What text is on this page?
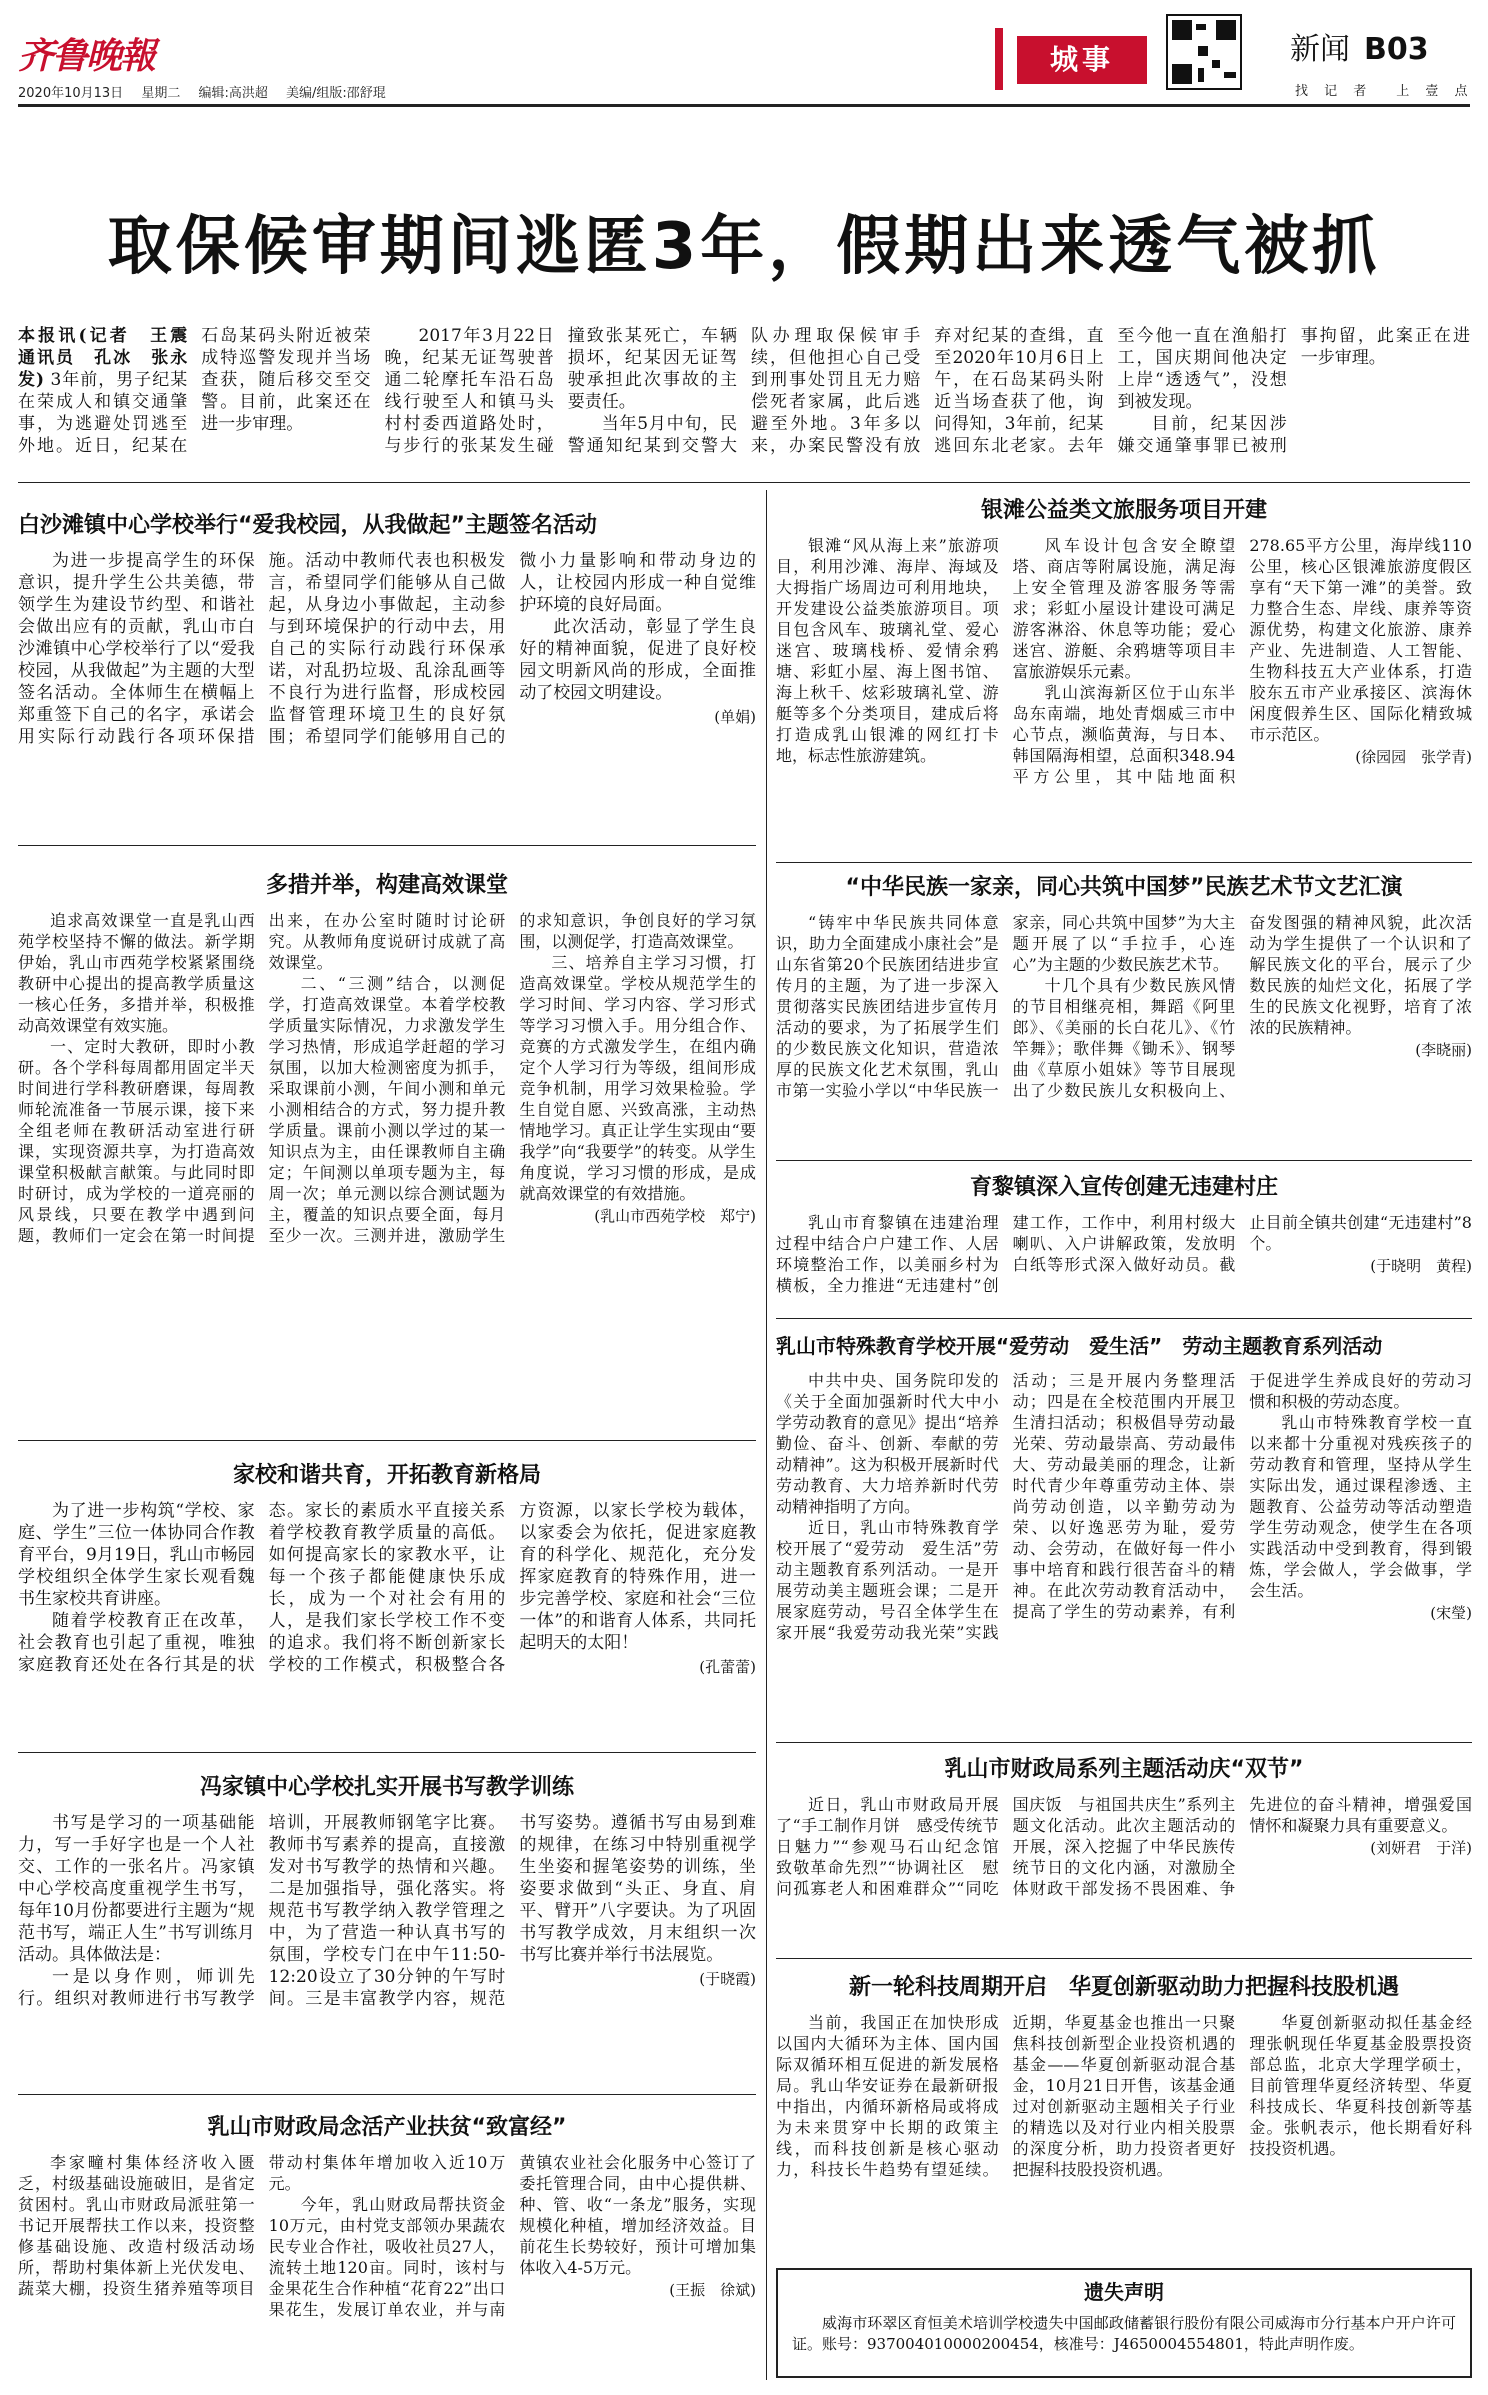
齐鲁晚報
2020年10月13日 星期二 编辑:高洪超 美编/组版:邵舒琨
城事	新闻 B03
找 记 者 上 壹 点
取保候审期间逃匿3年，假期出来透气被抓

本报讯(记者　王震　通讯员　孔冰　张永发) 3年前，男子纪某在荣成人和镇交通肇事，为逃避处罚逃至外地。近日，纪某在石岛某码头附近被荣成特巡警发现并当场查获，随后移交至交警。目前，此案还在进一步审理。

2017年3月22日晚，纪某无证驾驶普通二轮摩托车沿石岛线行驶至人和镇马头村村委西道路处时，与步行的张某发生碰撞致张某死亡，车辆损坏，纪某因无证驾驶承担此次事故的主要责任。

当年5月中旬，民警通知纪某到交警大队办理取保候审手续，但他担心自己受到刑事处罚且无力赔偿死者家属，此后逃避至外地。3年多以来，办案民警没有放弃对纪某的查缉，直至2020年10月6日上午，在石岛某码头附近当场查获了他，询问得知，3年前，纪某逃回东北老家。去年至今他一直在渔船打工，国庆期间他决定上岸“透透气”，没想到被发现。

目前，纪某因涉嫌交通肇事罪已被刑事拘留，此案正在进一步审理。

白沙滩镇中心学校举行“爱我校园，从我做起”主题签名活动

为进一步提高学生的环保意识，提升学生公共美德，带领学生为建设节约型、和谐社会做出应有的贡献，乳山市白沙滩镇中心学校举行了以“爱我校园，从我做起”为主题的大型签名活动。全体师生在横幅上郑重签下自己的名字，承诺会用实际行动践行各项环保措施。活动中教师代表也积极发言，希望同学们能够从自己做起，从身边小事做起，主动参与到环境保护的行动中去，用自己的实际行动践行环保承诺，对乱扔垃圾、乱涂乱画等不良行为进行监督，形成校园监督管理环境卫生的良好氛围；希望同学们能够用自己的微小力量影响和带动身边的人，让校园内形成一种自觉维护环境的良好局面。

此次活动，彰显了学生良好的精神面貌，促进了良好校园文明新风尚的形成，全面推动了校园文明建设。

(单娟)
多措并举，构建高效课堂

追求高效课堂一直是乳山西苑学校坚持不懈的做法。新学期伊始，乳山市西苑学校紧紧围绕教研中心提出的提高教学质量这一核心任务，多措并举，积极推动高效课堂有效实施。

一、定时大教研，即时小教研。各个学科每周都用固定半天时间进行学科教研磨课，每周教师轮流准备一节展示课，接下来全组老师在教研活动室进行研课，实现资源共享，为打造高效课堂积极献言献策。与此同时即时研讨，成为学校的一道亮丽的风景线，只要在教学中遇到问题，教师们一定会在第一时间提出来，在办公室时随时讨论研究。从教师角度说研讨成就了高效课堂。

二、“三测”结合，以测促学，打造高效课堂。本着学校教学质量实际情况，力求激发学生学习热情，形成追学赶超的学习氛围，以加大检测密度为抓手，采取课前小测，午间小测和单元小测相结合的方式，努力提升教学质量。课前小测以学过的某一知识点为主，由任课教师自主确定；午间测以单项专题为主，每周一次；单元测以综合测试题为主，覆盖的知识点要全面，每月至少一次。三测并进，激励学生的求知意识，争创良好的学习氛围，以测促学，打造高效课堂。

三、培养自主学习习惯，打造高效课堂。学校从规范学生的学习时间、学习内容、学习形式等学习习惯入手。用分组合作、竞赛的方式激发学生，在组内确定个人学习行为等级，组间形成竞争机制，用学习效果检验。学生自觉自愿、兴致高涨，主动热情地学习。真正让学生实现由“要我学”向“我要学”的转变。从学生角度说，学习习惯的形成，是成就高效课堂的有效措施。

(乳山市西苑学校　郑宁)
家校和谐共育，开拓教育新格局

为了进一步构筑“学校、家庭、学生”三位一体协同合作教育平台，9月19日，乳山市畅园学校组织全体学生家长观看魏书生家校共育讲座。

随着学校教育正在改革，社会教育也引起了重视，唯独家庭教育还处在各行其是的状态。家长的素质水平直接关系着学校教育教学质量的高低。如何提高家长的家教水平，让每一个孩子都能健康快乐成长，成为一个对社会有用的人，是我们家长学校工作不变的追求。我们将不断创新家长学校的工作模式，积极整合各方资源，以家长学校为载体，以家委会为依托，促进家庭教育的科学化、规范化，充分发挥家庭教育的特殊作用，进一步完善学校、家庭和社会“三位一体”的和谐育人体系，共同托起明天的太阳！

(孔蕾蕾)
冯家镇中心学校扎实开展书写教学训练

书写是学习的一项基础能力，写一手好字也是一个人社交、工作的一张名片。冯家镇中心学校高度重视学生书写，每年10月份都要进行主题为“规范书写，端正人生”书写训练月活动。具体做法是：

一是以身作则，师训先行。组织对教师进行书写教学培训，开展教师钢笔字比赛。教师书写素养的提高，直接激发对书写教学的热情和兴趣。二是加强指导，强化落实。将规范书写教学纳入教学管理之中，为了营造一种认真书写的氛围，学校专门在中午11:50-12:20设立了30分钟的午写时间。三是丰富教学内容，规范书写姿势。遵循书写由易到难的规律，在练习中特别重视学生坐姿和握笔姿势的训练，坐姿要求做到“头正、身直、肩平、臂开”八字要诀。为了巩固书写教学成效，月末组织一次书写比赛并举行书法展览。

(于晓霞)
乳山市财政局念活产业扶贫“致富经”

李家疃村集体经济收入匮乏，村级基础设施破旧，是省定贫困村。乳山市财政局派驻第一书记开展帮扶工作以来，投资整修基础设施、改造村级活动场所，帮助村集体新上光伏发电、蔬菜大棚，投资生猪养殖等项目带动村集体年增加收入近10万元。

今年，乳山财政局帮扶资金10万元，由村党支部领办果蔬农民专业合作社，吸收社员27人，流转土地120亩。同时，该村与金果花生合作种植“花育22”出口果花生，发展订单农业，并与南黄镇农业社会化服务中心签订了委托管理合同，由中心提供耕、种、管、收“一条龙”服务，实现规模化种植，增加经济效益。目前花生长势较好，预计可增加集体收入4-5万元。

(王振　徐斌)
银滩公益类文旅服务项目开建

银滩“风从海上来”旅游项目，利用沙滩、海岸、海域及大拇指广场周边可利用地块，开发建设公益类旅游项目。项目包含风车、玻璃礼堂、爱心迷宫、玻璃栈桥、爱情余鸦塘、彩虹小屋、海上图书馆、海上秋千、炫彩玻璃礼堂、游艇等多个分类项目，建成后将打造成乳山银滩的网红打卡地，标志性旅游建筑。

风车设计包含安全瞭望塔、商店等附属设施，满足海上安全管理及游客服务等需求；彩虹小屋设计建设可满足游客淋浴、休息等功能；爱心迷宫、游艇、余鸦塘等项目丰富旅游娱乐元素。

乳山滨海新区位于山东半岛东南端，地处青烟威三市中心节点，濒临黄海，与日本、韩国隔海相望，总面积348.94平方公里，其中陆地面积278.65平方公里，海岸线110公里，核心区银滩旅游度假区享有“天下第一滩”的美誉。致力整合生态、岸线、康养等资源优势，构建文化旅游、康养产业、先进制造、人工智能、生物科技五大产业体系，打造胶东五市产业承接区、滨海休闲度假养生区、国际化精致城市示范区。

(徐园园　张学青)
“中华民族一家亲，同心共筑中国梦”民族艺术节文艺汇演

“铸牢中华民族共同体意识，助力全面建成小康社会”是山东省第20个民族团结进步宣传月的主题，为了进一步深入贯彻落实民族团结进步宣传月活动的要求，为了拓展学生们的少数民族文化知识，营造浓厚的民族文化艺术氛围，乳山市第一实验小学以“中华民族一家亲，同心共筑中国梦”为大主题开展了以“手拉手，心连心”为主题的少数民族艺术节。

十几个具有少数民族风情的节目相继亮相，舞蹈《阿里郎》、《美丽的长白花儿》、《竹竿舞》；歌伴舞《锄禾》、钢琴曲《草原小姐妹》等节目展现出了少数民族儿女积极向上、奋发图强的精神风貌，此次活动为学生提供了一个认识和了解民族文化的平台，展示了少数民族的灿烂文化，拓展了学生的民族文化视野，培育了浓浓的民族精神。

(李晓丽)
育黎镇深入宣传创建无违建村庄

乳山市育黎镇在违建治理过程中结合户户建工作、人居环境整治工作，以美丽乡村为横板，全力推进“无违建村”创建工作，工作中，利用村级大喇叭、入户讲解政策，发放明白纸等形式深入做好动员。截止目前全镇共创建“无违建村”8个。

(于晓明　黄程)
乳山市特殊教育学校开展“爱劳动　爱生活”　劳动主题教育系列活动

中共中央、国务院印发的《关于全面加强新时代大中小学劳动教育的意见》提出“培养勤俭、奋斗、创新、奉献的劳动精神”。这为积极开展新时代劳动教育、大力培养新时代劳动精神指明了方向。

近日，乳山市特殊教育学校开展了“爱劳动　爱生活”劳动主题教育系列活动。一是开展劳动美主题班会课；二是开展家庭劳动，号召全体学生在家开展“我爱劳动我光荣”实践活动；三是开展内务整理活动；四是在全校范围内开展卫生清扫活动；积极倡导劳动最光荣、劳动最崇高、劳动最伟大、劳动最美丽的理念，让新时代青少年尊重劳动主体、崇尚劳动创造，以辛勤劳动为荣、以好逸恶劳为耻，爱劳动、会劳动，在做好每一件小事中培育和践行很苦奋斗的精神。在此次劳动教育活动中，提高了学生的劳动素养，有利于促进学生养成良好的劳动习惯和积极的劳动态度。

乳山市特殊教育学校一直以来都十分重视对残疾孩子的劳动教育和管理，坚持从学生实际出发，通过课程渗透、主题教育、公益劳动等活动塑造学生劳动观念，使学生在各项实践活动中受到教育，得到锻炼，学会做人，学会做事，学会生活。

(宋瑩)
乳山市财政局系列主题活动庆“双节”

近日，乳山市财政局开展了“手工制作月饼　感受传统节日魅力”“参观马石山纪念馆　致敬革命先烈”“协调社区　慰问孤寡老人和困难群众”“同吃国庆饭　与祖国共庆生”系列主题文化活动。此次主题活动的开展，深入挖掘了中华民族传统节日的文化内涵，对激励全体财政干部发扬不畏困难、争先进位的奋斗精神，增强爱国情怀和凝聚力具有重要意义。

(刘妍君　于洋)
新一轮科技周期开启　华夏创新驱动助力把握科技股机遇

当前，我国正在加快形成以国内大循环为主体、国内国际双循环相互促进的新发展格局。乳山华安证券在最新研报中指出，内循环新格局或将成为未来贯穿中长期的政策主线，而科技创新是核心驱动力，科技长牛趋势有望延续。近期，华夏基金也推出一只聚焦科技创新型企业投资机遇的基金——华夏创新驱动混合基金，10月21日开售，该基金通过对创新驱动主题相关子行业的精选以及对行业内相关股票的深度分析，助力投资者更好把握科技股投资机遇。

华夏创新驱动拟任基金经理张帆现任华夏基金股票投资部总监，北京大学理学硕士，目前管理华夏经济转型、华夏科技成长、华夏科技创新等基金。张帆表示，他长期看好科技投资机遇。

遗失声明

威海市环翠区育恒美术培训学校遗失中国邮政储蓄银行股份有限公司威海市分行基本户开户许可证。账号：937004010000200454，核准号：J4650004554801，特此声明作废。
